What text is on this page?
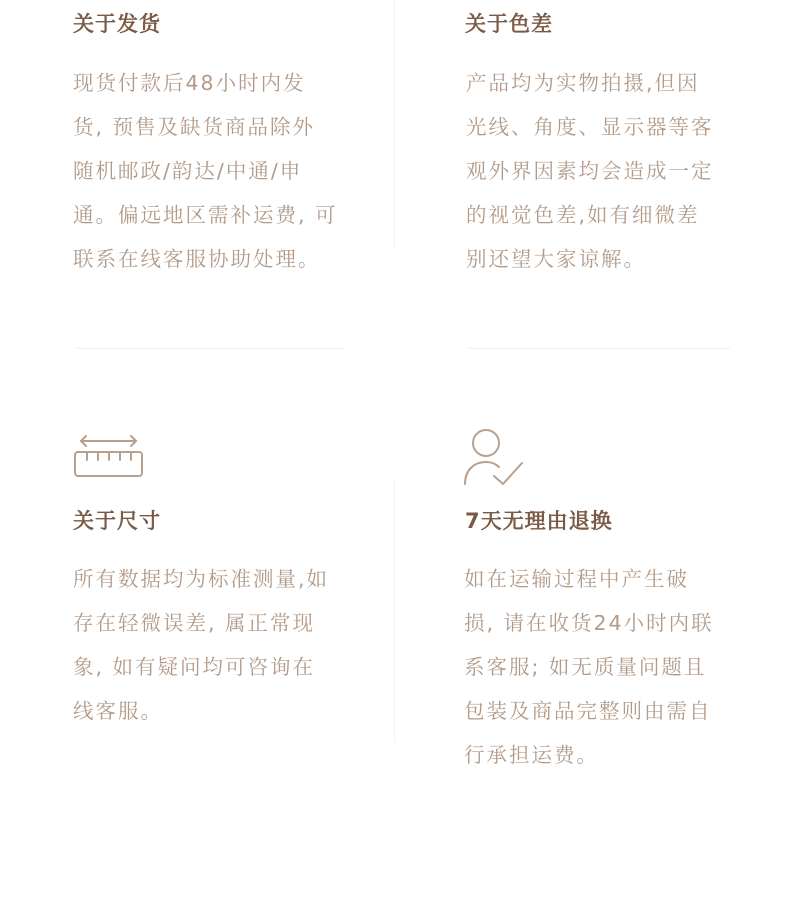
关于发货

现货付款后48小时内发
货, 预售及缺货商品除外
随机邮政/韵达/中通/申
通。偏远地区需补运费, 可
联系在线客服协助处理。

关于色差

产品均为实物拍摄,但因
光线、角度、显示器等客
观外界因素均会造成一定
的视觉色差,如有细微差
别还望大家谅解。

关于尺寸

所有数据均为标准测量,如
存在轻微误差, 属正常现
象, 如有疑问均可咨询在
线客服。

7天无理由退换

如在运输过程中产生破
损, 请在收货24小时内联
系客服; 如无质量问题且
包装及商品完整则由需自
行承担运费。
